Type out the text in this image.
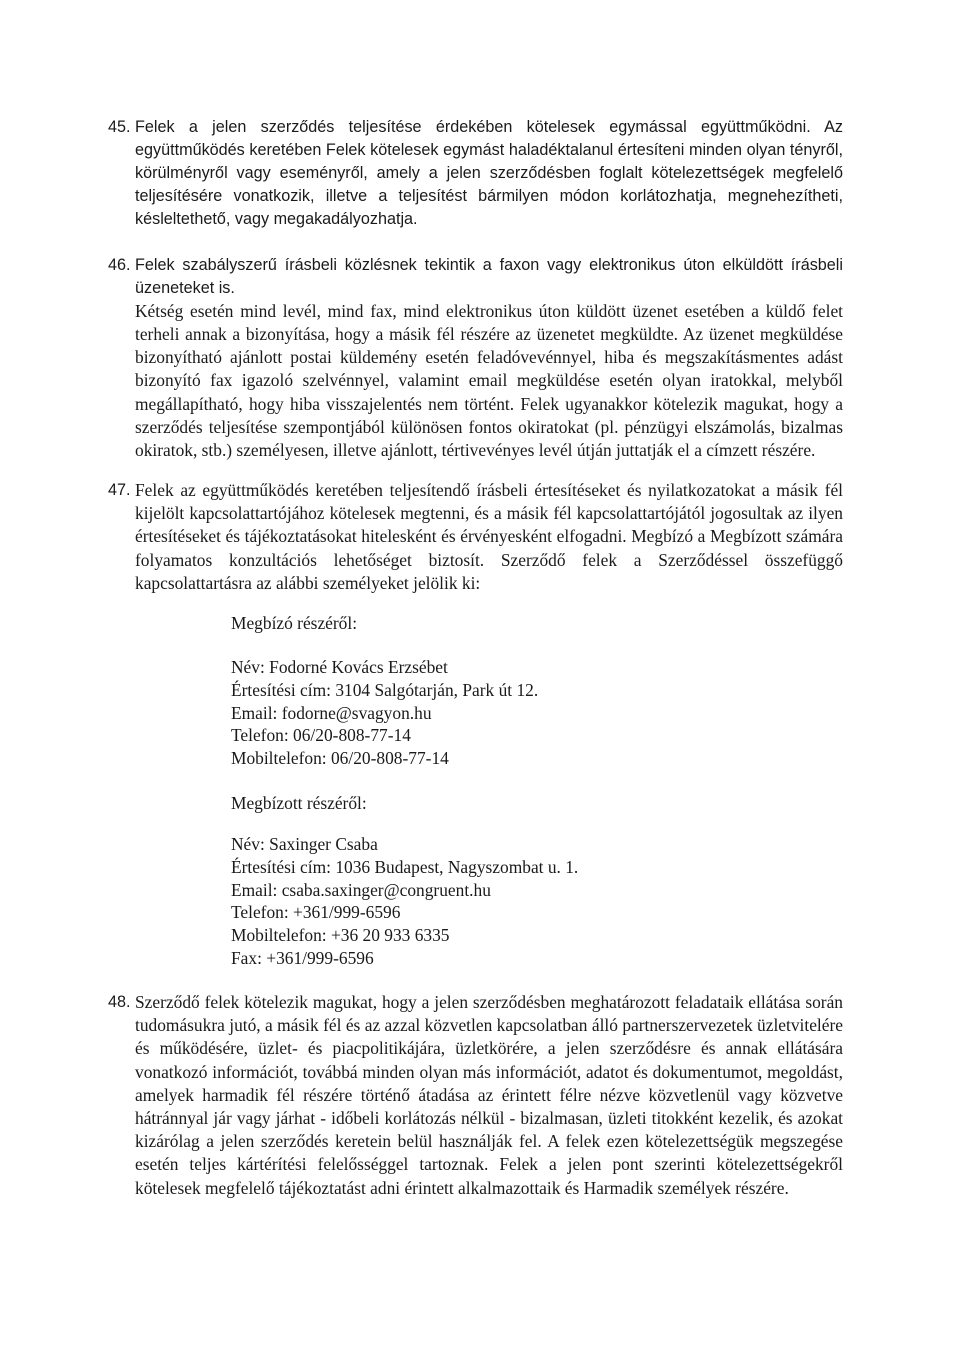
45. Felek a jelen szerződés teljesítése érdekében kötelesek egymással együttműködni. Az együttműködés keretében Felek kötelesek egymást haladéktalanul értesíteni minden olyan tényről, körülményről vagy eseményről, amely a jelen szerződésben foglalt kötelezettségek megfelelő teljesítésére vonatkozik, illetve a teljesítést bármilyen módon korlátozhatja, megnehezítheti, késleltethető, vagy megakadályozhatja.

46. Felek szabályszerű írásbeli közlésnek tekintik a faxon vagy elektronikus úton elküldött írásbeli üzeneteket is.

Kétség esetén mind levél, mind fax, mind elektronikus úton küldött üzenet esetében a küldő felet terheli annak a bizonyítása, hogy a másik fél részére az üzenetet megküldte. Az üzenet megküldése bizonyítható ajánlott postai küldemény esetén feladóvevénnyel, hiba és megszakításmentes adást bizonyító fax igazoló szelvénnyel, valamint email megküldése esetén olyan iratokkal, melyből megállapítható, hogy hiba visszajelentés nem történt. Felek ugyanakkor kötelezik magukat, hogy a szerződés teljesítése szempontjából különösen fontos okiratokat (pl. pénzügyi elszámolás, bizalmas okiratok, stb.) személyesen, illetve ajánlott, tértivevényes levél útján juttatják el a címzett részére.

47. Felek az együttműködés keretében teljesítendő írásbeli értesítéseket és nyilatkozatokat a másik fél kijelölt kapcsolattartójához kötelesek megtenni, és a másik fél kapcsolattartójától jogosultak az ilyen értesítéseket és tájékoztatásokat hitelesként és érvényesként elfogadni. Megbízó a Megbízott számára folyamatos konzultációs lehetőséget biztosít. Szerződő felek a Szerződéssel összefüggő kapcsolattartásra az alábbi személyeket jelölik ki:

Megbízó részéről:
Név: Fodorné Kovács Erzsébet
Értesítési cím: 3104 Salgótarján, Park út 12.
Email: fodorne@svagyon.hu
Telefon: 06/20-808-77-14
Mobiltelefon: 06/20-808-77-14
Megbízott részéről:
Név: Saxinger Csaba
Értesítési cím: 1036 Budapest, Nagyszombat u. 1.
Email: csaba.saxinger@congruent.hu
Telefon: +361/999-6596
Mobiltelefon: +36 20 933 6335
Fax: +361/999-6596
48. Szerződő felek kötelezik magukat, hogy a jelen szerződésben meghatározott feladataik ellátása során tudomásukra jutó, a másik fél és az azzal közvetlen kapcsolatban álló partnerszervezetek üzletvitelére és működésére, üzlet- és piacpolitikájára, üzletkörére, a jelen szerződésre és annak ellátására vonatkozó információt, továbbá minden olyan más információt, adatot és dokumentumot, megoldást, amelyek harmadik fél részére történő átadása az érintett félre nézve közvetlenül vagy közvetve hátránnyal jár vagy járhat - időbeli korlátozás nélkül - bizalmasan, üzleti titokként kezelik, és azokat kizárólag a jelen szerződés keretein belül használják fel. A felek ezen kötelezettségük megszegése esetén teljes kártérítési felelősséggel tartoznak. Felek a jelen pont szerinti kötelezettségekről kötelesek megfelelő tájékoztatást adni érintett alkalmazottaik és Harmadik személyek részére.
